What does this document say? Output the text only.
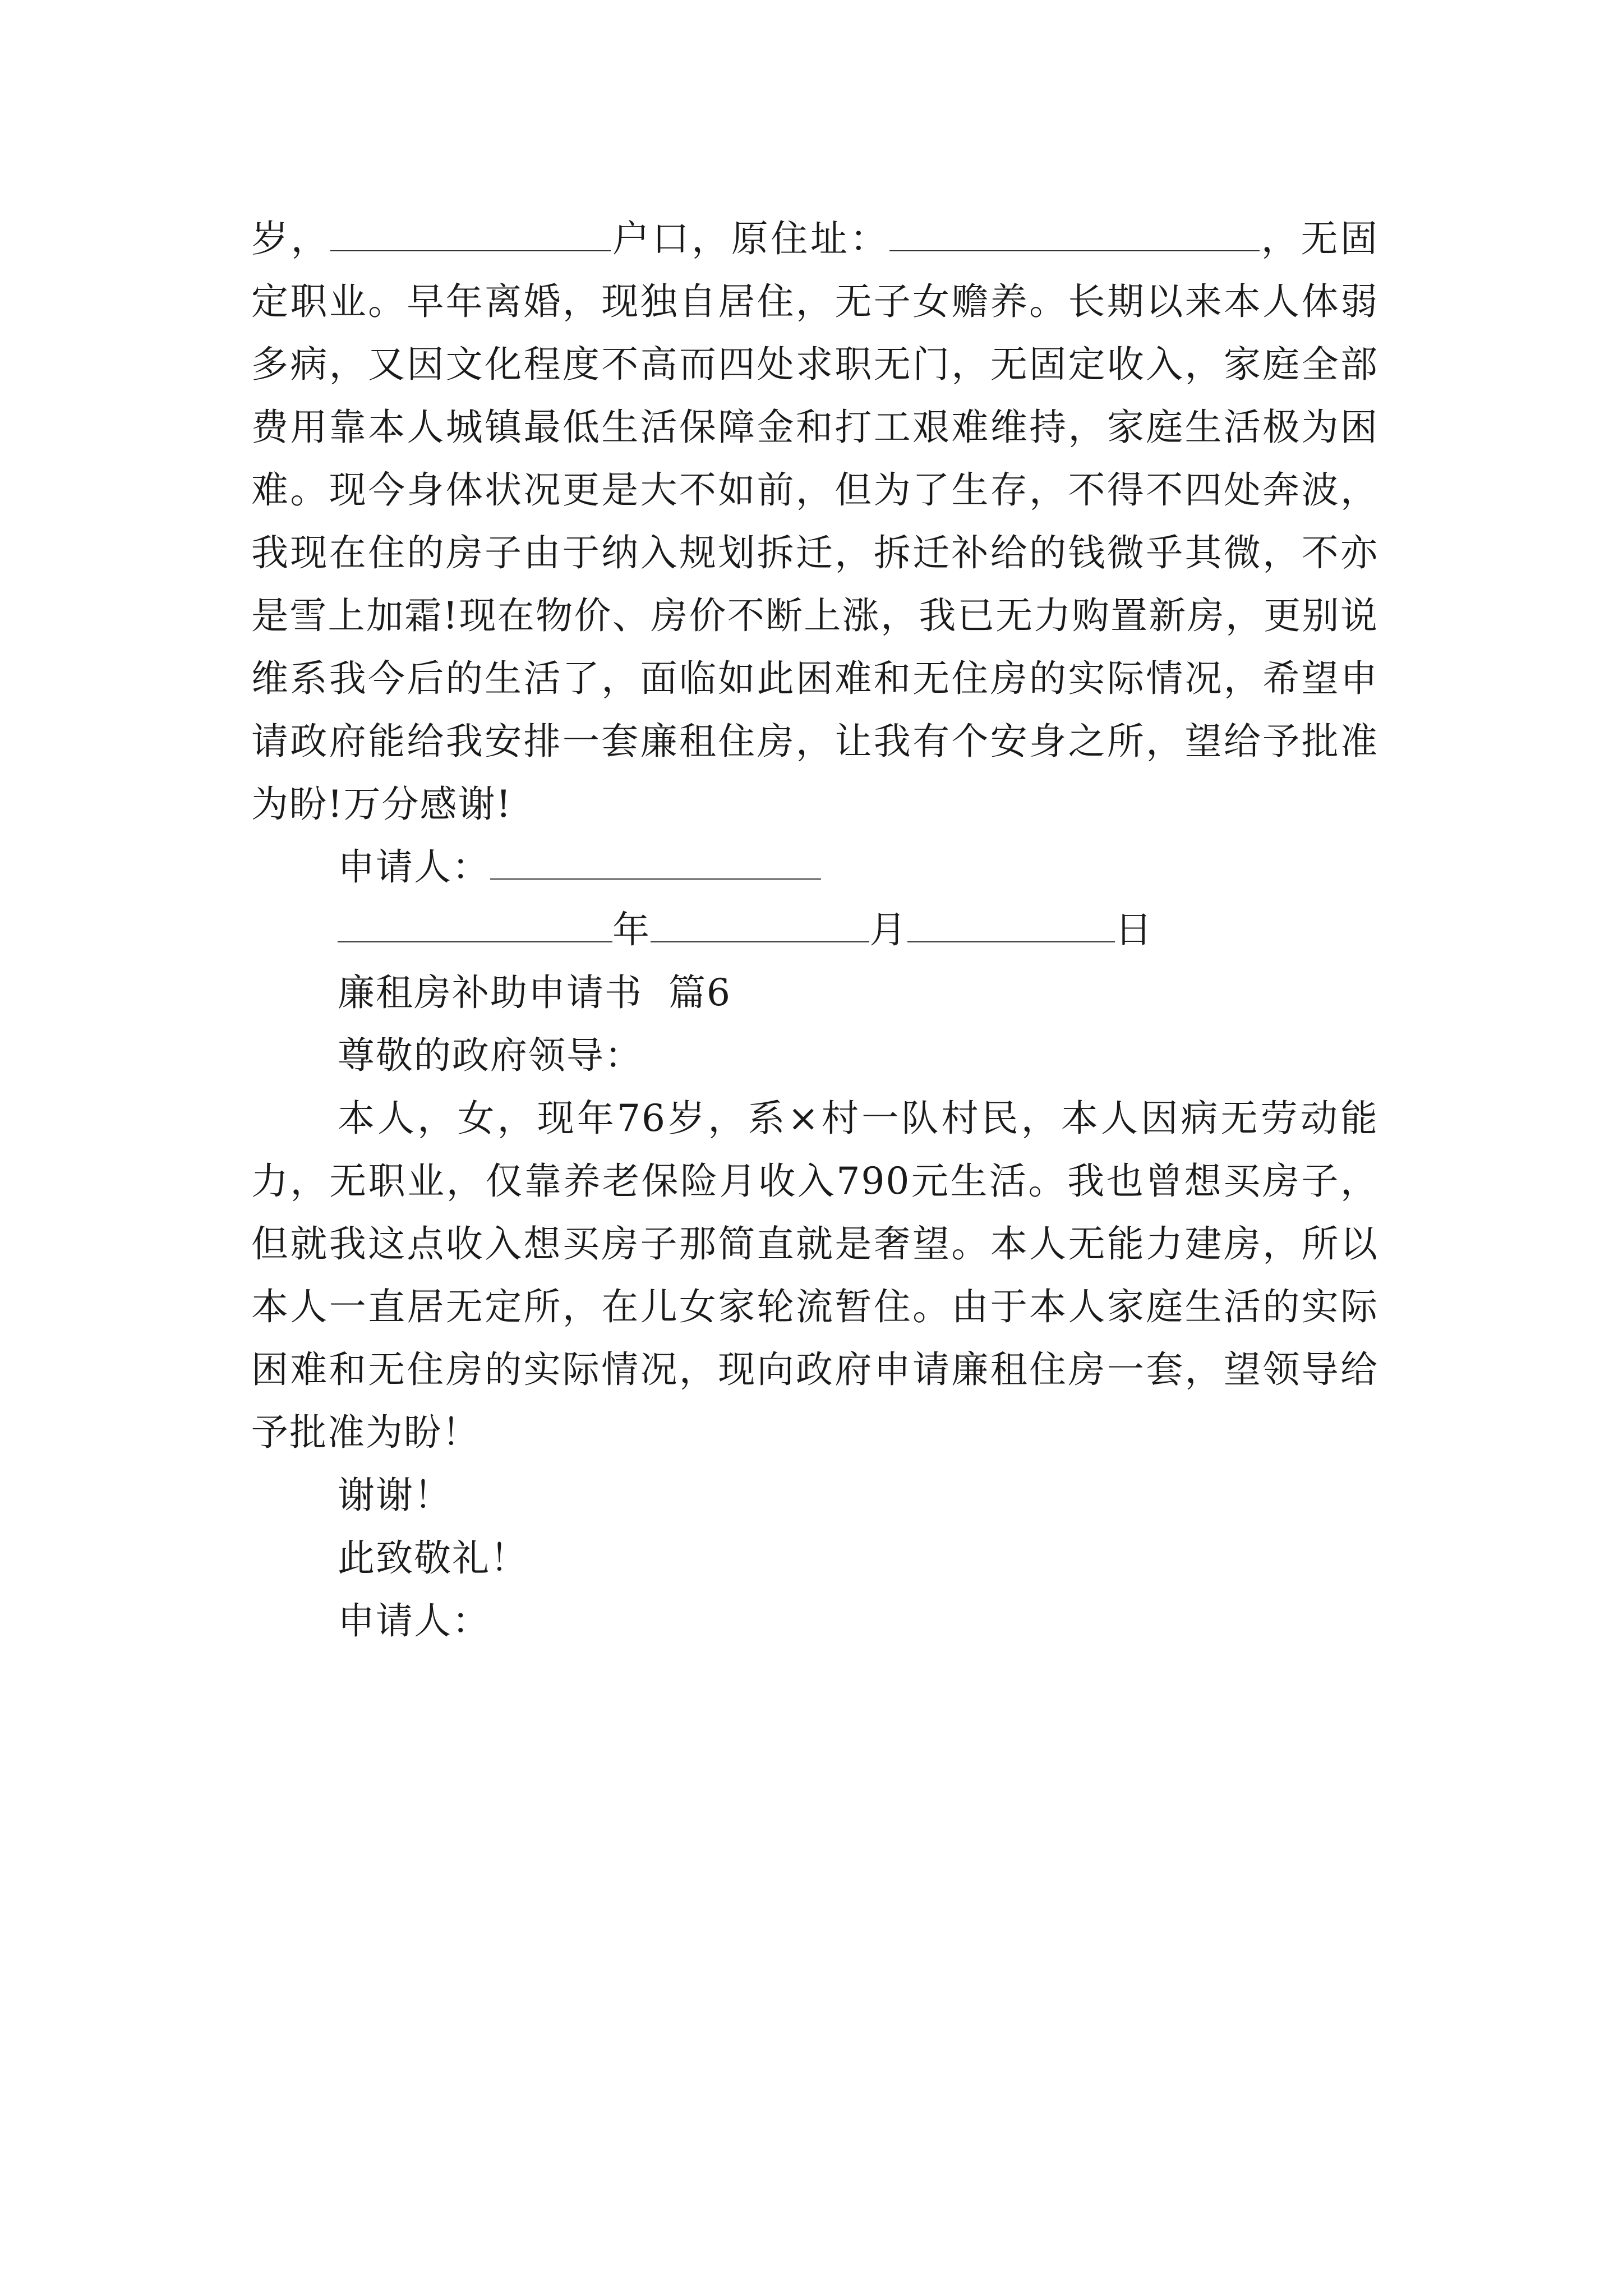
岁，	户口，原住址：	，无固定职业。早年离婚，现独自居住，无子女赡养。长期以来本人体弱多病，又因文化程度不高而四处求职无门，无固定收入，家庭全部费用靠本人城镇最低生活保障金和打工艰难维持，家庭生活极为困难。现今身体状况更是大不如前，但为了生存，不得不四处奔波，我现在住的房子由于纳入规划拆迁，拆迁补给的钱微乎其微，不亦是雪上加霜!现在物价、房价不断上涨，我已无力购置新房，更别说维系我今后的生活了，面临如此困难和无住房的实际情况，希望申请政府能给我安排一套廉租住房，让我有个安身之所，望给予批准为盼!万分感谢!

申请人：

年	月	日

廉租房补助申请书  篇6

尊敬的政府领导：

本人，女，现年76岁，系×村一队村民，本人因病无劳动能力，无职业，仅靠养老保险月收入790元生活。我也曾想买房子，但就我这点收入想买房子那简直就是奢望。本人无能力建房，所以本人一直居无定所，在儿女家轮流暂住。由于本人家庭生活的实际困难和无住房的实际情况，现向政府申请廉租住房一套，望领导给予批准为盼！

谢谢！

此致敬礼！

申请人：
